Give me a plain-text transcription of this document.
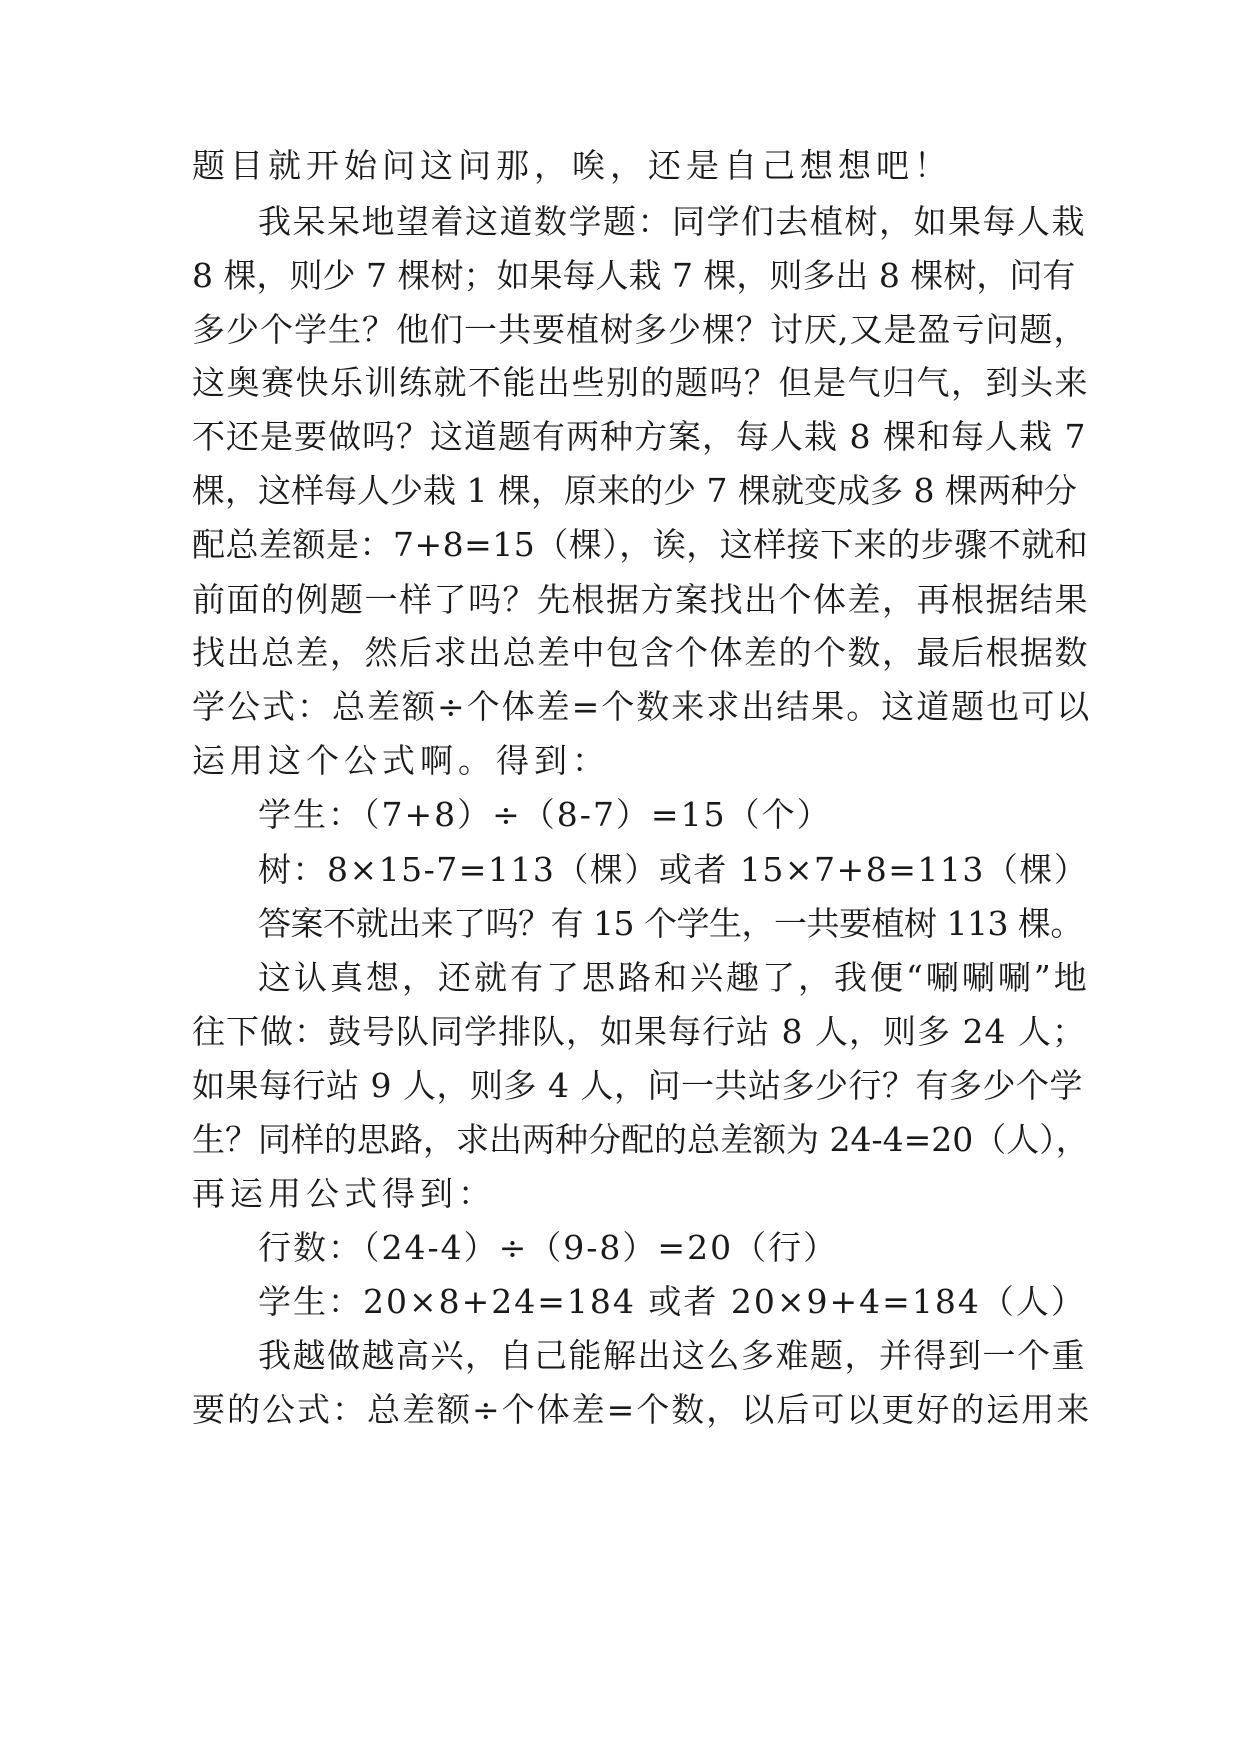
题目就开始问这问那，唉，还是自己想想吧！
我呆呆地望着这道数学题：同学们去植树，如果每人栽
8 棵，则少 7 棵树；如果每人栽 7 棵，则多出 8 棵树，问有
多少个学生？他们一共要植树多少棵？讨厌,又是盈亏问题，
这奥赛快乐训练就不能出些别的题吗？但是气归气，到头来
不还是要做吗？这道题有两种方案，每人栽 8 棵和每人栽 7
棵，这样每人少栽 1 棵，原来的少 7 棵就变成多 8 棵两种分
配总差额是：7+8=15（棵），诶，这样接下来的步骤不就和
前面的例题一样了吗？先根据方案找出个体差，再根据结果
找出总差，然后求出总差中包含个体差的个数，最后根据数
学公式：总差额÷个体差=个数来求出结果。这道题也可以
运用这个公式啊。得到：
学生：（7+8）÷（8-7）=15（个）
树：8×15-7=113（棵）或者 15×7+8=113（棵）
答案不就出来了吗？有 15 个学生，一共要植树 113 棵。
这认真想，还就有了思路和兴趣了，我便“唰唰唰”地
往下做：鼓号队同学排队，如果每行站 8 人，则多 24 人；
如果每行站 9 人，则多 4 人，问一共站多少行？有多少个学
生？同样的思路，求出两种分配的总差额为 24-4=20（人），
再运用公式得到：
行数：（24-4）÷（9-8）=20（行）
学生：20×8+24=184 或者 20×9+4=184（人）
我越做越高兴，自己能解出这么多难题，并得到一个重
要的公式：总差额÷个体差=个数，以后可以更好的运用来
